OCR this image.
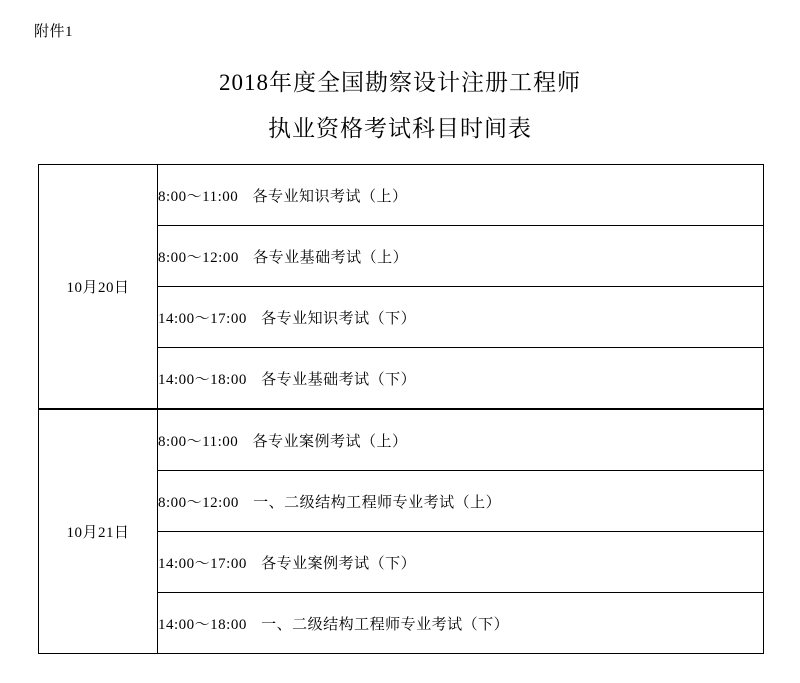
附件1
2018年度全国勘察设计注册工程师
执业资格考试科目时间表
10月20日	8:00～11:00 各专业知识考试（上）
	8:00～12:00 各专业基础考试（上）
	14:00～17:00 各专业知识考试（下）
	14:00～18:00 各专业基础考试（下）
10月21日	8:00～11:00 各专业案例考试（上）
	8:00～12:00 一、二级结构工程师专业考试（上）
	14:00～17:00 各专业案例考试（下）
	14:00～18:00 一、二级结构工程师专业考试（下）
